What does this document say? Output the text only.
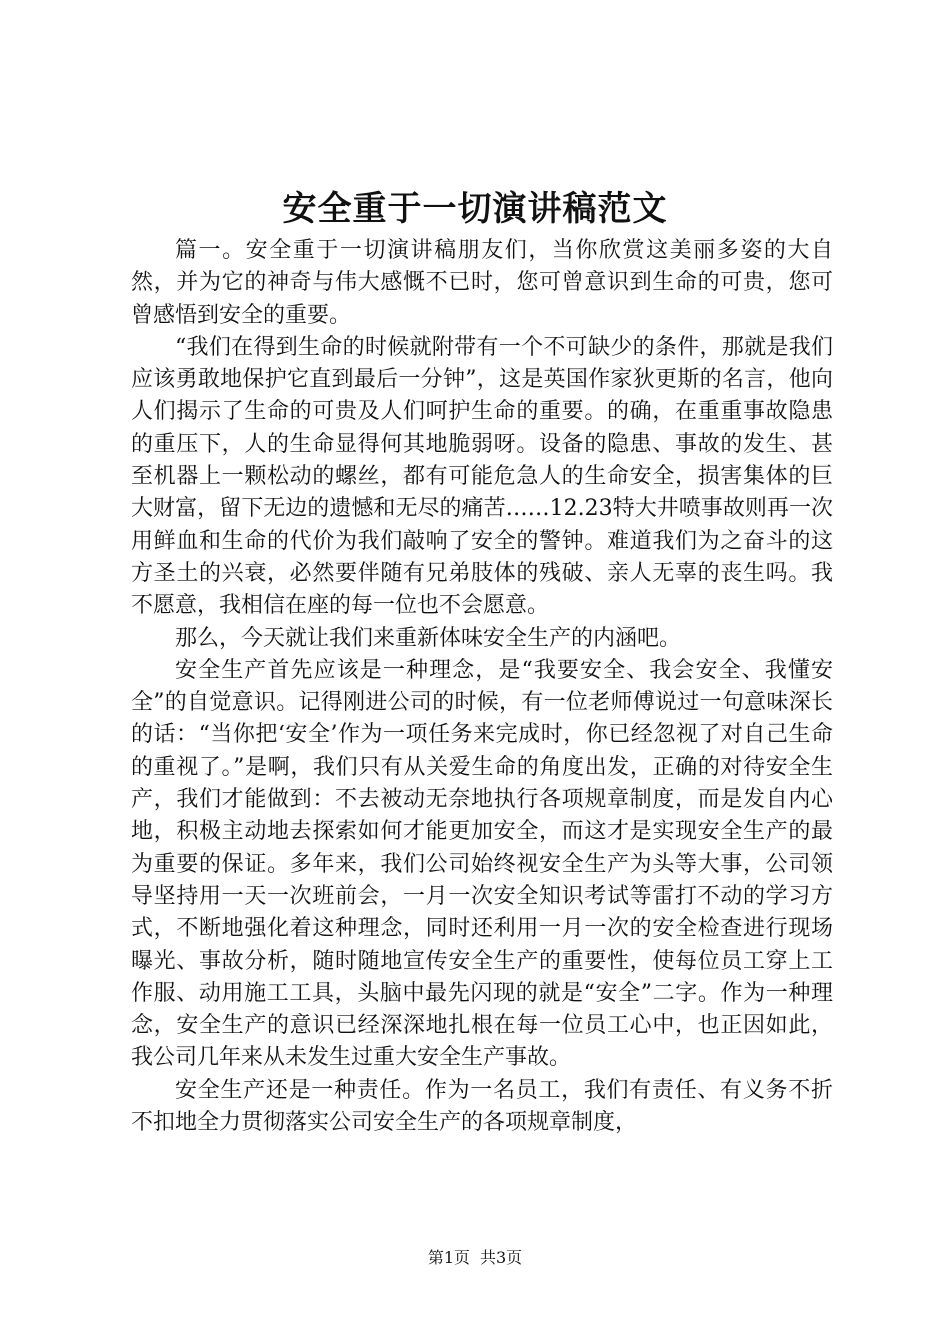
安全重于一切演讲稿范文

篇一。安全重于一切演讲稿朋友们，当你欣赏这美丽多姿的大自然，并为它的神奇与伟大感慨不已时，您可曾意识到生命的可贵，您可曾感悟到安全的重要。

“我们在得到生命的时候就附带有一个不可缺少的条件，那就是我们应该勇敢地保护它直到最后一分钟”，这是英国作家狄更斯的名言，他向人们揭示了生命的可贵及人们呵护生命的重要。的确，在重重事故隐患的重压下，人的生命显得何其地脆弱呀。设备的隐患、事故的发生、甚至机器上一颗松动的螺丝，都有可能危急人的生命安全，损害集体的巨大财富，留下无边的遗憾和无尽的痛苦……12.23特大井喷事故则再一次用鲜血和生命的代价为我们敲响了安全的警钟。难道我们为之奋斗的这方圣土的兴衰，必然要伴随有兄弟肢体的残破、亲人无辜的丧生吗。我不愿意，我相信在座的每一位也不会愿意。

那么，今天就让我们来重新体味安全生产的内涵吧。

安全生产首先应该是一种理念，是“我要安全、我会安全、我懂安全”的自觉意识。记得刚进公司的时候，有一位老师傅说过一句意味深长的话：“当你把‘安全’作为一项任务来完成时，你已经忽视了对自己生命的重视了。”是啊，我们只有从关爱生命的角度出发，正确的对待安全生产，我们才能做到：不去被动无奈地执行各项规章制度，而是发自内心地，积极主动地去探索如何才能更加安全，而这才是实现安全生产的最为重要的保证。多年来，我们公司始终视安全生产为头等大事，公司领导坚持用一天一次班前会，一月一次安全知识考试等雷打不动的学习方式，不断地强化着这种理念，同时还利用一月一次的安全检查进行现场曝光、事故分析，随时随地宣传安全生产的重要性，使每位员工穿上工作服、动用施工工具，头脑中最先闪现的就是“安全”二字。作为一种理念，安全生产的意识已经深深地扎根在每一位员工心中，也正因如此，我公司几年来从未发生过重大安全生产事故。

安全生产还是一种责任。作为一名员工，我们有责任、有义务不折不扣地全力贯彻落实公司安全生产的各项规章制度，

第1页 共3页
